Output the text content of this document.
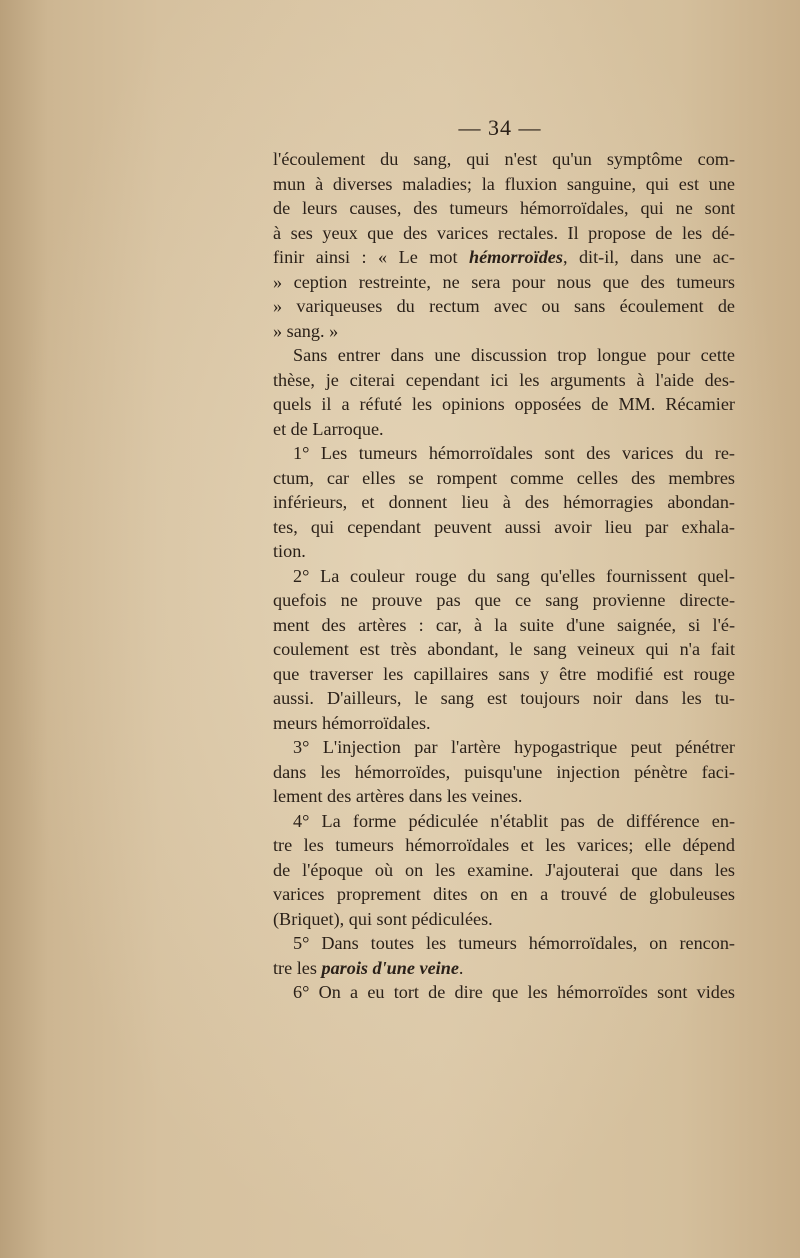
— 34 —
l'écoulement du sang, qui n'est qu'un symptôme com-
mun à diverses maladies; la fluxion sanguine, qui est une
de leurs causes, des tumeurs hémorroïdales, qui ne sont
à ses yeux que des varices rectales. Il propose de les dé-
finir ainsi : « Le mot hémorroïdes, dit-il, dans une ac-
» ception restreinte, ne sera pour nous que des tumeurs
» variqueuses du rectum avec ou sans écoulement de
» sang. »
Sans entrer dans une discussion trop longue pour cette
thèse, je citerai cependant ici les arguments à l'aide des-
quels il a réfuté les opinions opposées de MM. Récamier
et de Larroque.
1° Les tumeurs hémorroïdales sont des varices du re-
ctum, car elles se rompent comme celles des membres
inférieurs, et donnent lieu à des hémorragies abondan-
tes, qui cependant peuvent aussi avoir lieu par exhala-
tion.
2° La couleur rouge du sang qu'elles fournissent quel-
quefois ne prouve pas que ce sang provienne directe-
ment des artères : car, à la suite d'une saignée, si l'é-
coulement est très abondant, le sang veineux qui n'a fait
que traverser les capillaires sans y être modifié est rouge
aussi. D'ailleurs, le sang est toujours noir dans les tu-
meurs hémorroïdales.
3° L'injection par l'artère hypogastrique peut pénétrer
dans les hémorroïdes, puisqu'une injection pénètre faci-
lement des artères dans les veines.
4° La forme pédiculée n'établit pas de différence en-
tre les tumeurs hémorroïdales et les varices; elle dépend
de l'époque où on les examine. J'ajouterai que dans les
varices proprement dites on en a trouvé de globuleuses
(Briquet), qui sont pédiculées.
5° Dans toutes les tumeurs hémorroïdales, on rencon-
tre les parois d'une veine.
6° On a eu tort de dire que les hémorroïdes sont vides
